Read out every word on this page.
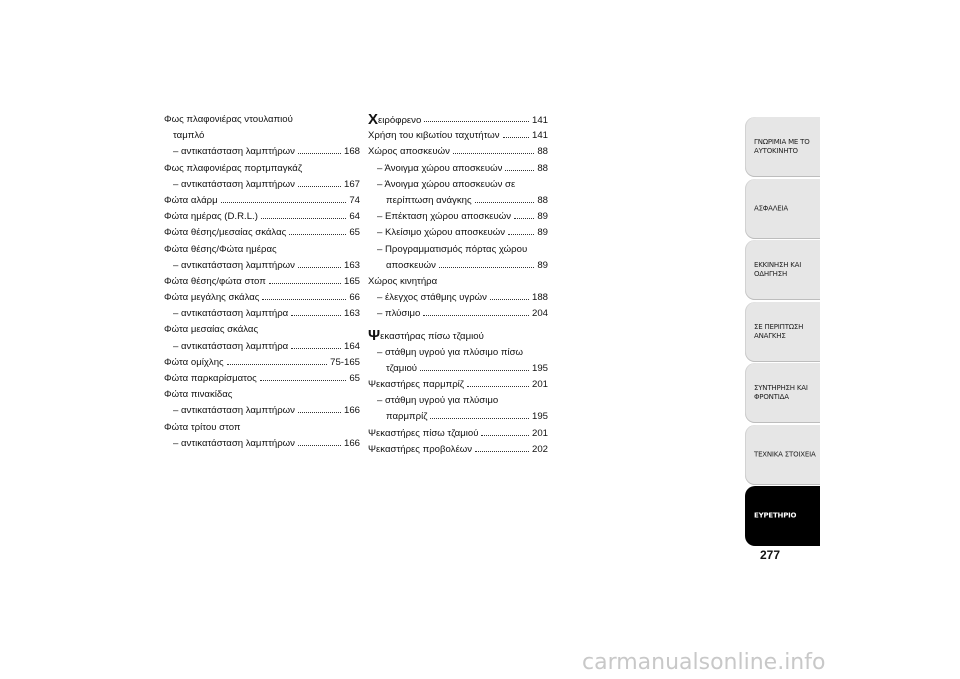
Φως πλαφονιέρας ντουλαπιού
ταμπλό
– αντικατάσταση λαμπτήρων	168
Φως πλαφονιέρας πορτμπαγκάζ
– αντικατάσταση λαμπτήρων	167
Φώτα αλάρμ	74
Φώτα ημέρας (D.R.L.)	64
Φώτα θέσης/μεσαίας σκάλας	65
Φώτα θέσης/Φώτα ημέρας
– αντικατάσταση λαμπτήρων	163
Φώτα θέσης/φώτα στοπ	165
Φώτα μεγάλης σκάλας	66
– αντικατάσταση λαμπτήρα	163
Φώτα μεσαίας σκάλας
– αντικατάσταση λαμπτήρα	164
Φώτα ομίχλης	75-165
Φώτα παρκαρίσματος	65
Φώτα πινακίδας
– αντικατάσταση λαμπτήρων	166
Φώτα τρίτου στοπ
– αντικατάσταση λαμπτήρων	166
Χειρόφρενο	141
Χρήση του κιβωτίου ταχυτήτων	141
Χώρος αποσκευών	88
– Άνοιγμα χώρου αποσκευών	88
– Άνοιγμα χώρου αποσκευών σε
περίπτωση ανάγκης	88
– Επέκταση χώρου αποσκευών	89
– Κλείσιμο χώρου αποσκευών	89
– Προγραμματισμός πόρτας χώρου
αποσκευών	89
Χώρος κινητήρα
– έλεγχος στάθμης υγρών	188
– πλύσιμο	204
Ψεκαστήρας πίσω τζαμιού
– στάθμη υγρού για πλύσιμο πίσω
τζαμιού	195
Ψεκαστήρες παρμπρίζ	201
– στάθμη υγρού για πλύσιμο
παρμπρίζ	195
Ψεκαστήρες πίσω τζαμιού	201
Ψεκαστήρες προβολέων	202
ΓΝΩΡΙΜΙΑ ΜΕ ΤΟ
ΑΥΤΟΚΙΝΗΤΟ
ΑΣΦΑΛΕΙΑ
ΕΚΚΙΝΗΣΗ ΚΑΙ
ΟΔΗΓΗΣΗ
ΣΕ ΠΕΡΙΠΤΩΣΗ
ΑΝΑΓΚΗΣ
ΣΥΝΤΗΡΗΣΗ ΚΑΙ
ΦΡΟΝΤΙΔΑ
ΤΕΧΝΙΚΑ ΣΤΟΙΧΕΙΑ
ΕΥΡΕΤΗΡΙΟ
277
carmanualsonline.info
